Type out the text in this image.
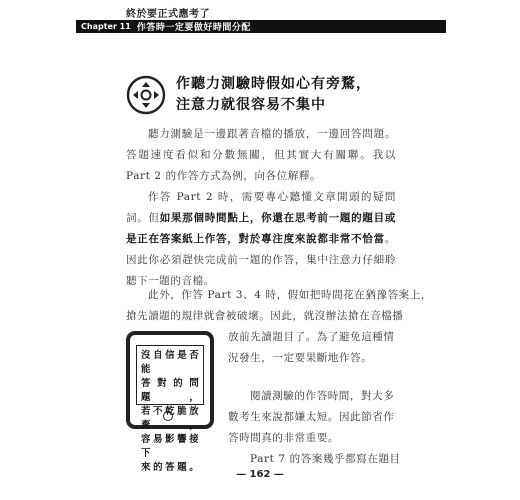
終於要正式應考了
Chapter 11 作答時一定要做好時間分配
作聽力測驗時假如心有旁騖，
注意力就很容易不集中

聽力測驗是一邊跟著音檔的播放，一邊回答問題。答題速度看似和分數無關，但其實大有關聯。我以 Part 2 的作答方式為例，向各位解釋。

作答 Part 2 時，需要專心聽懂文章開頭的疑問詞。但如果那個時間點上，你還在思考前一題的題目或是正在答案紙上作答，對於專注度來說都非常不恰當。因此你必須趕快完成前一題的作答，集中注意力仔細聆聽下一題的音檔。

此外，作答 Part 3、4 時，假如把時間花在猶豫答案上，
搶先讀題的規律就會被破壞。因此，就沒辦法搶在音檔播
放前先讀題目了。為了避免這種情
況發生，一定要果斷地作答。
閱讀測驗的作答時間，對大多
數考生來說都嫌太短。因此節省作
答時間真的非常重要。
Part 7 的答案幾乎都寫在題目
沒自信是否能
答對的問題，
若不乾脆放棄，
容易影響接下
來的答題。
— 162 —
